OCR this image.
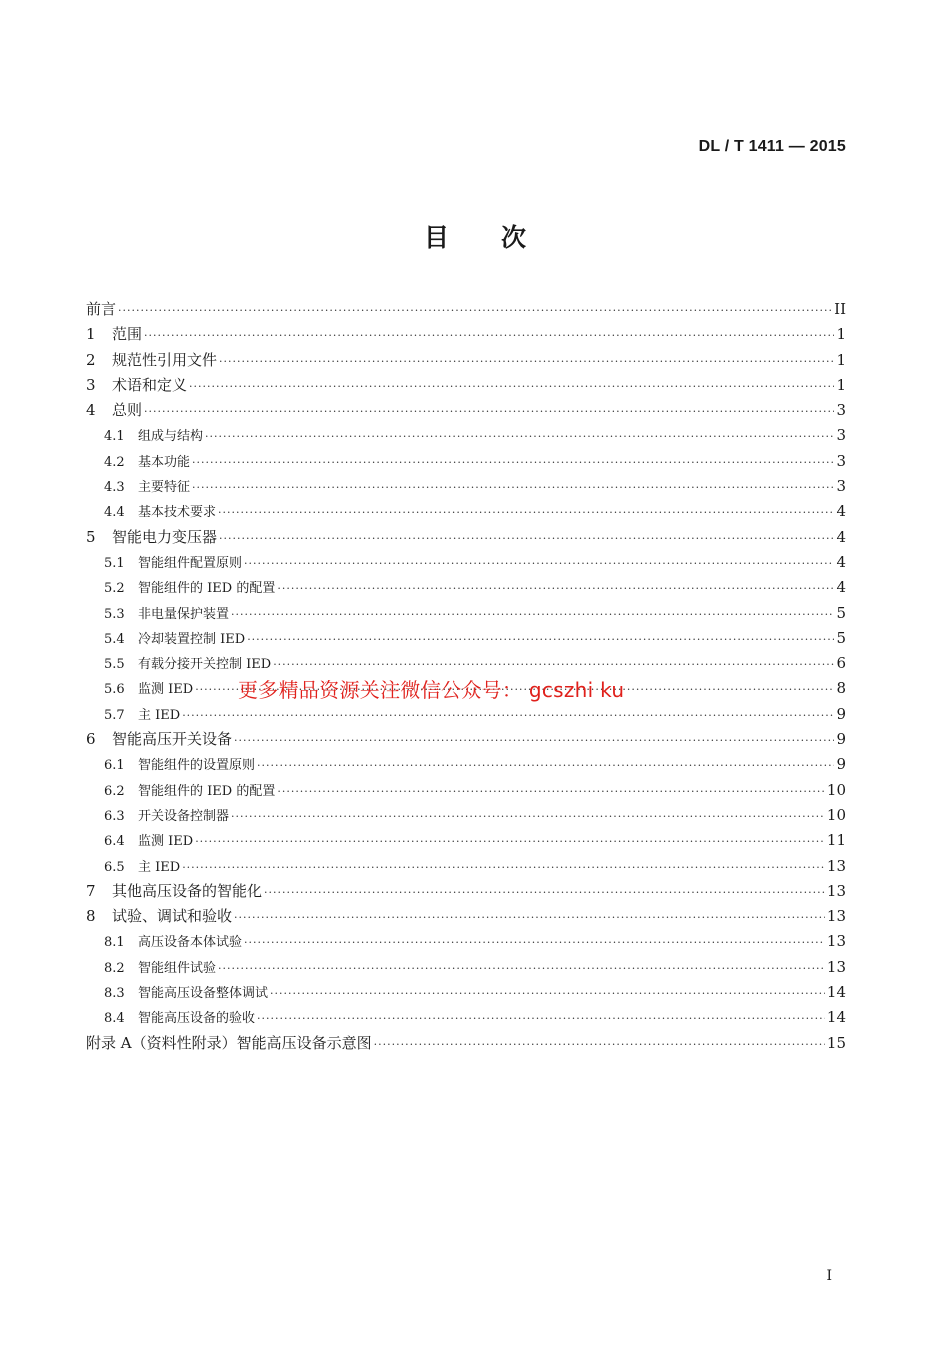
DL / T 1411 — 2015
目 次
前言 ·····	II
1	范围 ·····	1
2	规范性引用文件 ·····	1
3	术语和定义 ·····	1
4	总则 ·····	3
4.1	组成与结构 ·····	3
4.2	基本功能 ·····	3
4.3	主要特征 ·····	3
4.4	基本技术要求 ·····	4
5	智能电力变压器 ·····	4
5.1	智能组件配置原则 ·····	4
5.2	智能组件的 IED 的配置 ·····	4
5.3	非电量保护装置 ·····	5
5.4	冷却装置控制 IED ·····	5
5.5	有载分接开关控制 IED ·····	6
5.6	监测 IED ·····	8
5.7	主 IED ·····	9
6	智能高压开关设备 ·····	9
6.1	智能组件的设置原则 ·····	9
6.2	智能组件的 IED 的配置 ·····	10
6.3	开关设备控制器 ·····	10
6.4	监测 IED ·····	11
6.5	主 IED ·····	13
7	其他高压设备的智能化 ·····	13
8	试验、调试和验收 ·····	13
8.1	高压设备本体试验 ·····	13
8.2	智能组件试验 ·····	13
8.3	智能高压设备整体调试 ·····	14
8.4	智能高压设备的验收 ·····	14
附录 A（资料性附录）智能高压设备示意图 ·····	15
更多精品资源关注微信公众号： gcszhi ku
I
